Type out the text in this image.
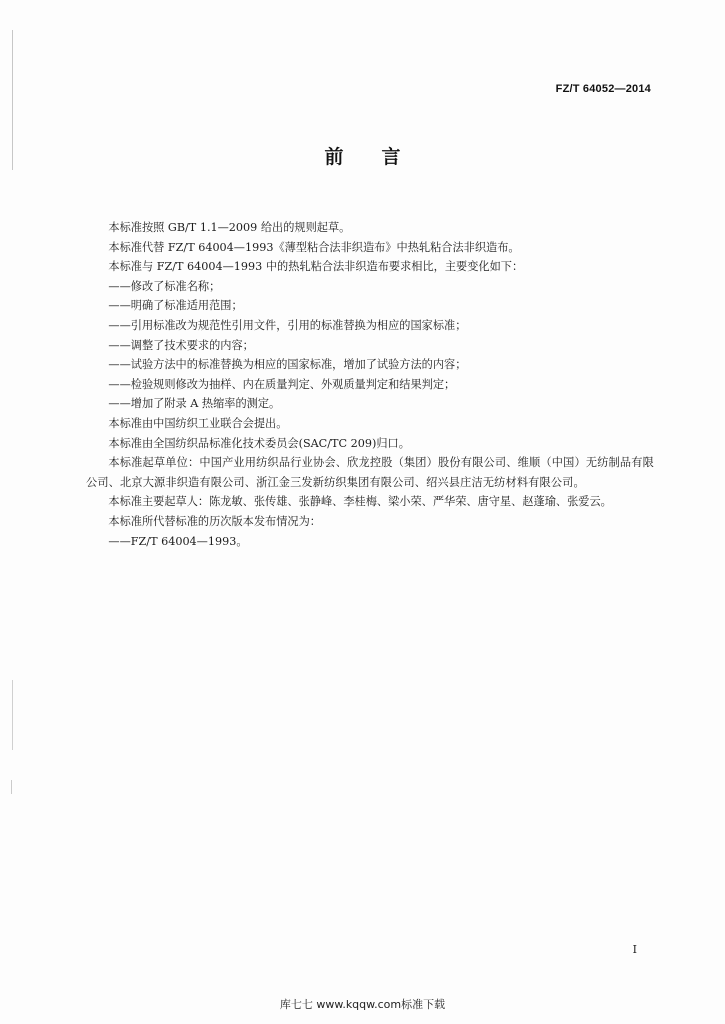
FZ/T 64052—2014
前言

本标准按照 GB/T 1.1—2009 给出的规则起草。

本标准代替 FZ/T 64004—1993《薄型粘合法非织造布》中热轧粘合法非织造布。

本标准与 FZ/T 64004—1993 中的热轧粘合法非织造布要求相比，主要变化如下：

——修改了标准名称；

——明确了标准适用范围；

——引用标准改为规范性引用文件，引用的标准替换为相应的国家标准；

——调整了技术要求的内容；

——试验方法中的标准替换为相应的国家标准，增加了试验方法的内容；

——检验规则修改为抽样、内在质量判定、外观质量判定和结果判定；

——增加了附录 A 热缩率的测定。

本标准由中国纺织工业联合会提出。

本标准由全国纺织品标准化技术委员会(SAC/TC 209)归口。

本标准起草单位：中国产业用纺织品行业协会、欣龙控股（集团）股份有限公司、维顺（中国）无纺制品有限公司、北京大源非织造有限公司、浙江金三发新纺织集团有限公司、绍兴县庄洁无纺材料有限公司。

本标准主要起草人：陈龙敏、张传雄、张静峰、李桂梅、梁小荣、严华荣、唐守星、赵蓬瑜、张爱云。

本标准所代替标准的历次版本发布情况为：

——FZ/T 64004—1993。

I
库七七 www.kqqw.com标准下载
